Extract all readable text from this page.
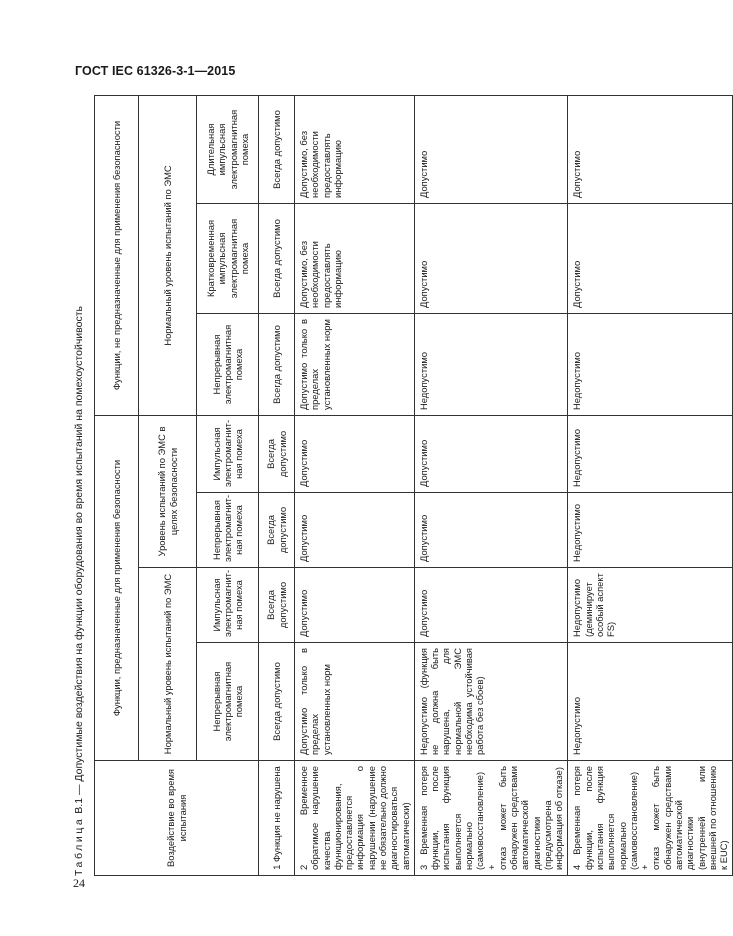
ГОСТ IEC 61326-3-1—2015
Таблица B.1 — Допустимые воздействия на функции оборудования во время испытаний на помехоустойчивость
Воздействие во время испытания	Функции, предназначенные для применения безопасности				Функции, не предназначенные для применения безопасности		
	Нормальный уровень испытаний по ЭМС		Уровень испытаний по ЭМС в целях безопасности		Нормальный уровень испытаний по ЭМС		
	Непрерывная электромагнитная помеха	Импульсная электромагнит-ная помеха	Непрерывная электромагнит-ная помеха	Импульсная электромагнит-ная помеха	Непрерывная электромагнитная помеха	Кратковременная импульсная электромагнитная помеха	Длительная импульсная электромагнитная помеха
1 Функция не нарушена	Всегда допустимо	Всегда допустимо	Всегда допустимо	Всегда допустимо	Всегда допустимо	Всегда допустимо	Всегда допустимо
2 Временное обратимое нарушение качества функционирования, предоставляется информация о нарушении (нарушение не обязательно должно диагностироваться автоматически)	Допустимо только в пределах установленных норм	Допустимо	Допустимо	Допустимо	Допустимо только в пределах установленных норм	Допустимо, без необходимости предоставлять информацию	Допустимо, без необходимости предоставлять информацию
3 Временная потеря функции, после испытания функция выполняется нормально (самовосстановление)
+
отказ может быть обнаружен средствами автоматической диагностики (предусмотрена информация об отказе)	Недопустимо (функция не должна быть нарушена, для нормальной ЭМС необходима устойчивая работа без сбоев)	Допустимо	Допустимо	Допустимо	Недопустимо	Допустимо	Допустимо
4 Временная потеря функции, после испытания функция выполняется нормально (самовосстановление)
+
отказ может быть обнаружен средствами автоматической диагностики (внутренней или внешней по отношению к EUC)	Недопустимо	Недопустимо (деминирует особый аспект FS)	Недопустимо	Недопустимо	Недопустимо	Допустимо	Допустимо
24
